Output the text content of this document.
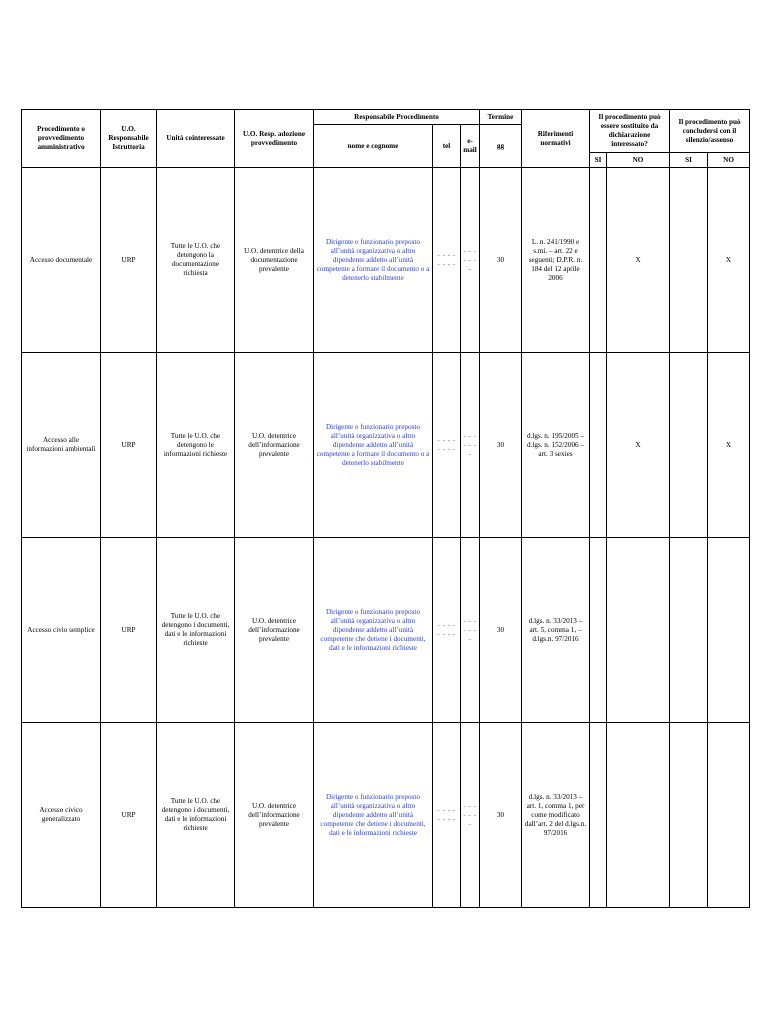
Procedimento o provvedimento amministrativo	U.O. Responsabile Istruttoria	Unità cointeressate	U.O. Resp. adozione provvedimento	Responsabile Procedimento			Termine	Riferimenti normativi	Il procedimento può essere sostituito da dichiarazione interessato?		Il procedimento può concludersi con il silenzio/assenso	
				nome e cognome	tel	e-mail	gg					
									SI	NO	SI	NO
Accesso documentale	URP	Tutte le U.O. che detengono la documentazione richiesta	U.O. detentrice della documentazione prevalente	Dirigente o funzionario preposto all’unità organizzativa o altro dipendente addetto all’unità competente a formare il documento o a detenerlo stabilmente	- - - - - - - -	- - - - - - -	30	L. n. 241/1990 e s.mi. – art. 22 e seguenti; D.P.R. n. 184 del 12 aprile 2006		X		X
Accesso alle informazioni ambientali	URP	Tutte le U.O. che detengono le informazioni richieste	U.O. detentrice dell’informazione prevalente	Dirigente o funzionario preposto all’unità organizzativa o altro dipendente addetto all’unità competente a formare il documento o a detenerlo stabilmente	- - - - - - - -	- - - - - - -	30	d.lgs. n. 195/2005 – d.lgs. n. 152/2006 – art. 3 sexies		X		X
Accesso civio semplice	URP	Tutte le U.O. che detengono i documenti, dati e le informazioni richieste	U.O. detentrice dell’informazione prevalente	Dirigente o funzionario preposto all’unità organizzativa o altro dipendente addetto all’unità competente che detiene i documenti, dati e le informazioni richieste	- - - - - - - -	- - - - - - -	30	d.lgs. n. 33/2013 – art. 5, comma 1, – d.lgs.n. 97/2016				
Accesso civico generalizzato	URP	Tutte le U.O. che detengono i documenti, dati e le informazioni richieste	U.O. detentrice dell’informazione prevalente	Dirigente o funzionario preposto all’unità organizzativa o altro dipendente addetto all’unità competente che detiene i documenti, dati e le informazioni richieste	- - - - - - - -	- - - - - - -	30	d.lgs. n. 33/2013 – art. 1, comma 1, per come modificato dall’art. 2 del d.lgs.n. 97/2016				
